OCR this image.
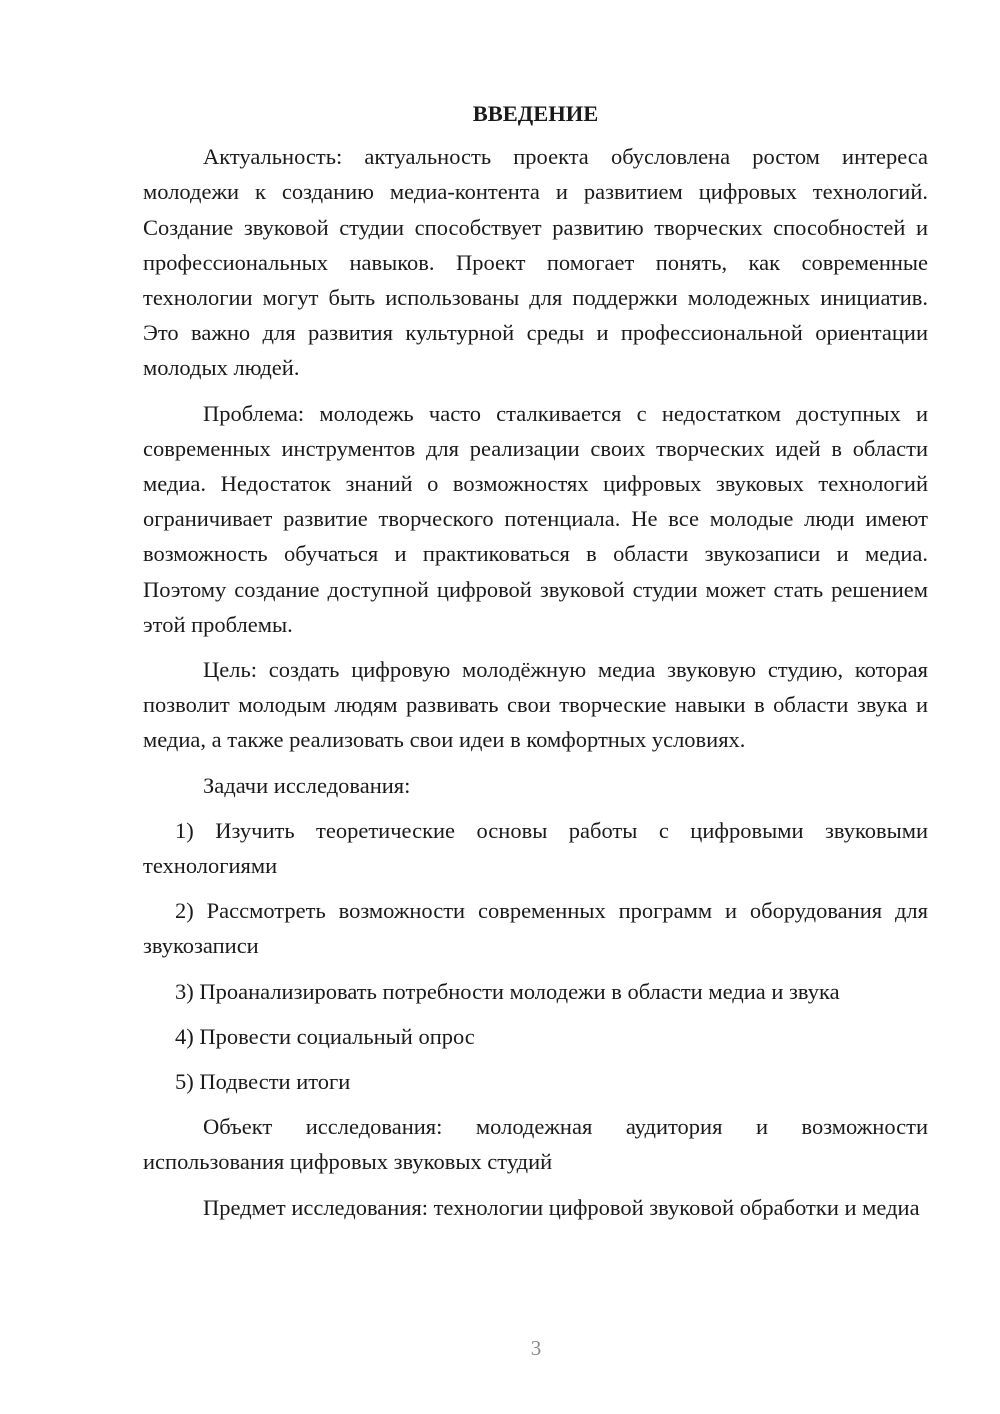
ВВЕДЕНИЕ

Актуальность: актуальность проекта обусловлена ростом интереса молодежи к созданию медиа-контента и развитием цифровых технологий. Создание звуковой студии способствует развитию творческих способностей и профессиональных навыков. Проект помогает понять, как современные технологии могут быть использованы для поддержки молодежных инициатив. Это важно для развития культурной среды и профессиональной ориентации молодых людей.

Проблема: молодежь часто сталкивается с недостатком доступных и современных инструментов для реализации своих творческих идей в области медиа. Недостаток знаний о возможностях цифровых звуковых технологий ограничивает развитие творческого потенциала. Не все молодые люди имеют возможность обучаться и практиковаться в области звукозаписи и медиа. Поэтому создание доступной цифровой звуковой студии может стать решением этой проблемы.

Цель: создать цифровую молодёжную медиа звуковую студию, которая позволит молодым людям развивать свои творческие навыки в области звука и медиа, а также реализовать свои идеи в комфортных условиях.

Задачи исследования:

1) Изучить теоретические основы работы с цифровыми звуковыми технологиями

2) Рассмотреть возможности современных программ и оборудования для звукозаписи

3) Проанализировать потребности молодежи в области медиа и звука

4) Провести социальный опрос

5) Подвести итоги

Объект исследования: молодежная аудитория и возможности использования цифровых звуковых студий

Предмет исследования: технологии цифровой звуковой обработки и медиа

3
